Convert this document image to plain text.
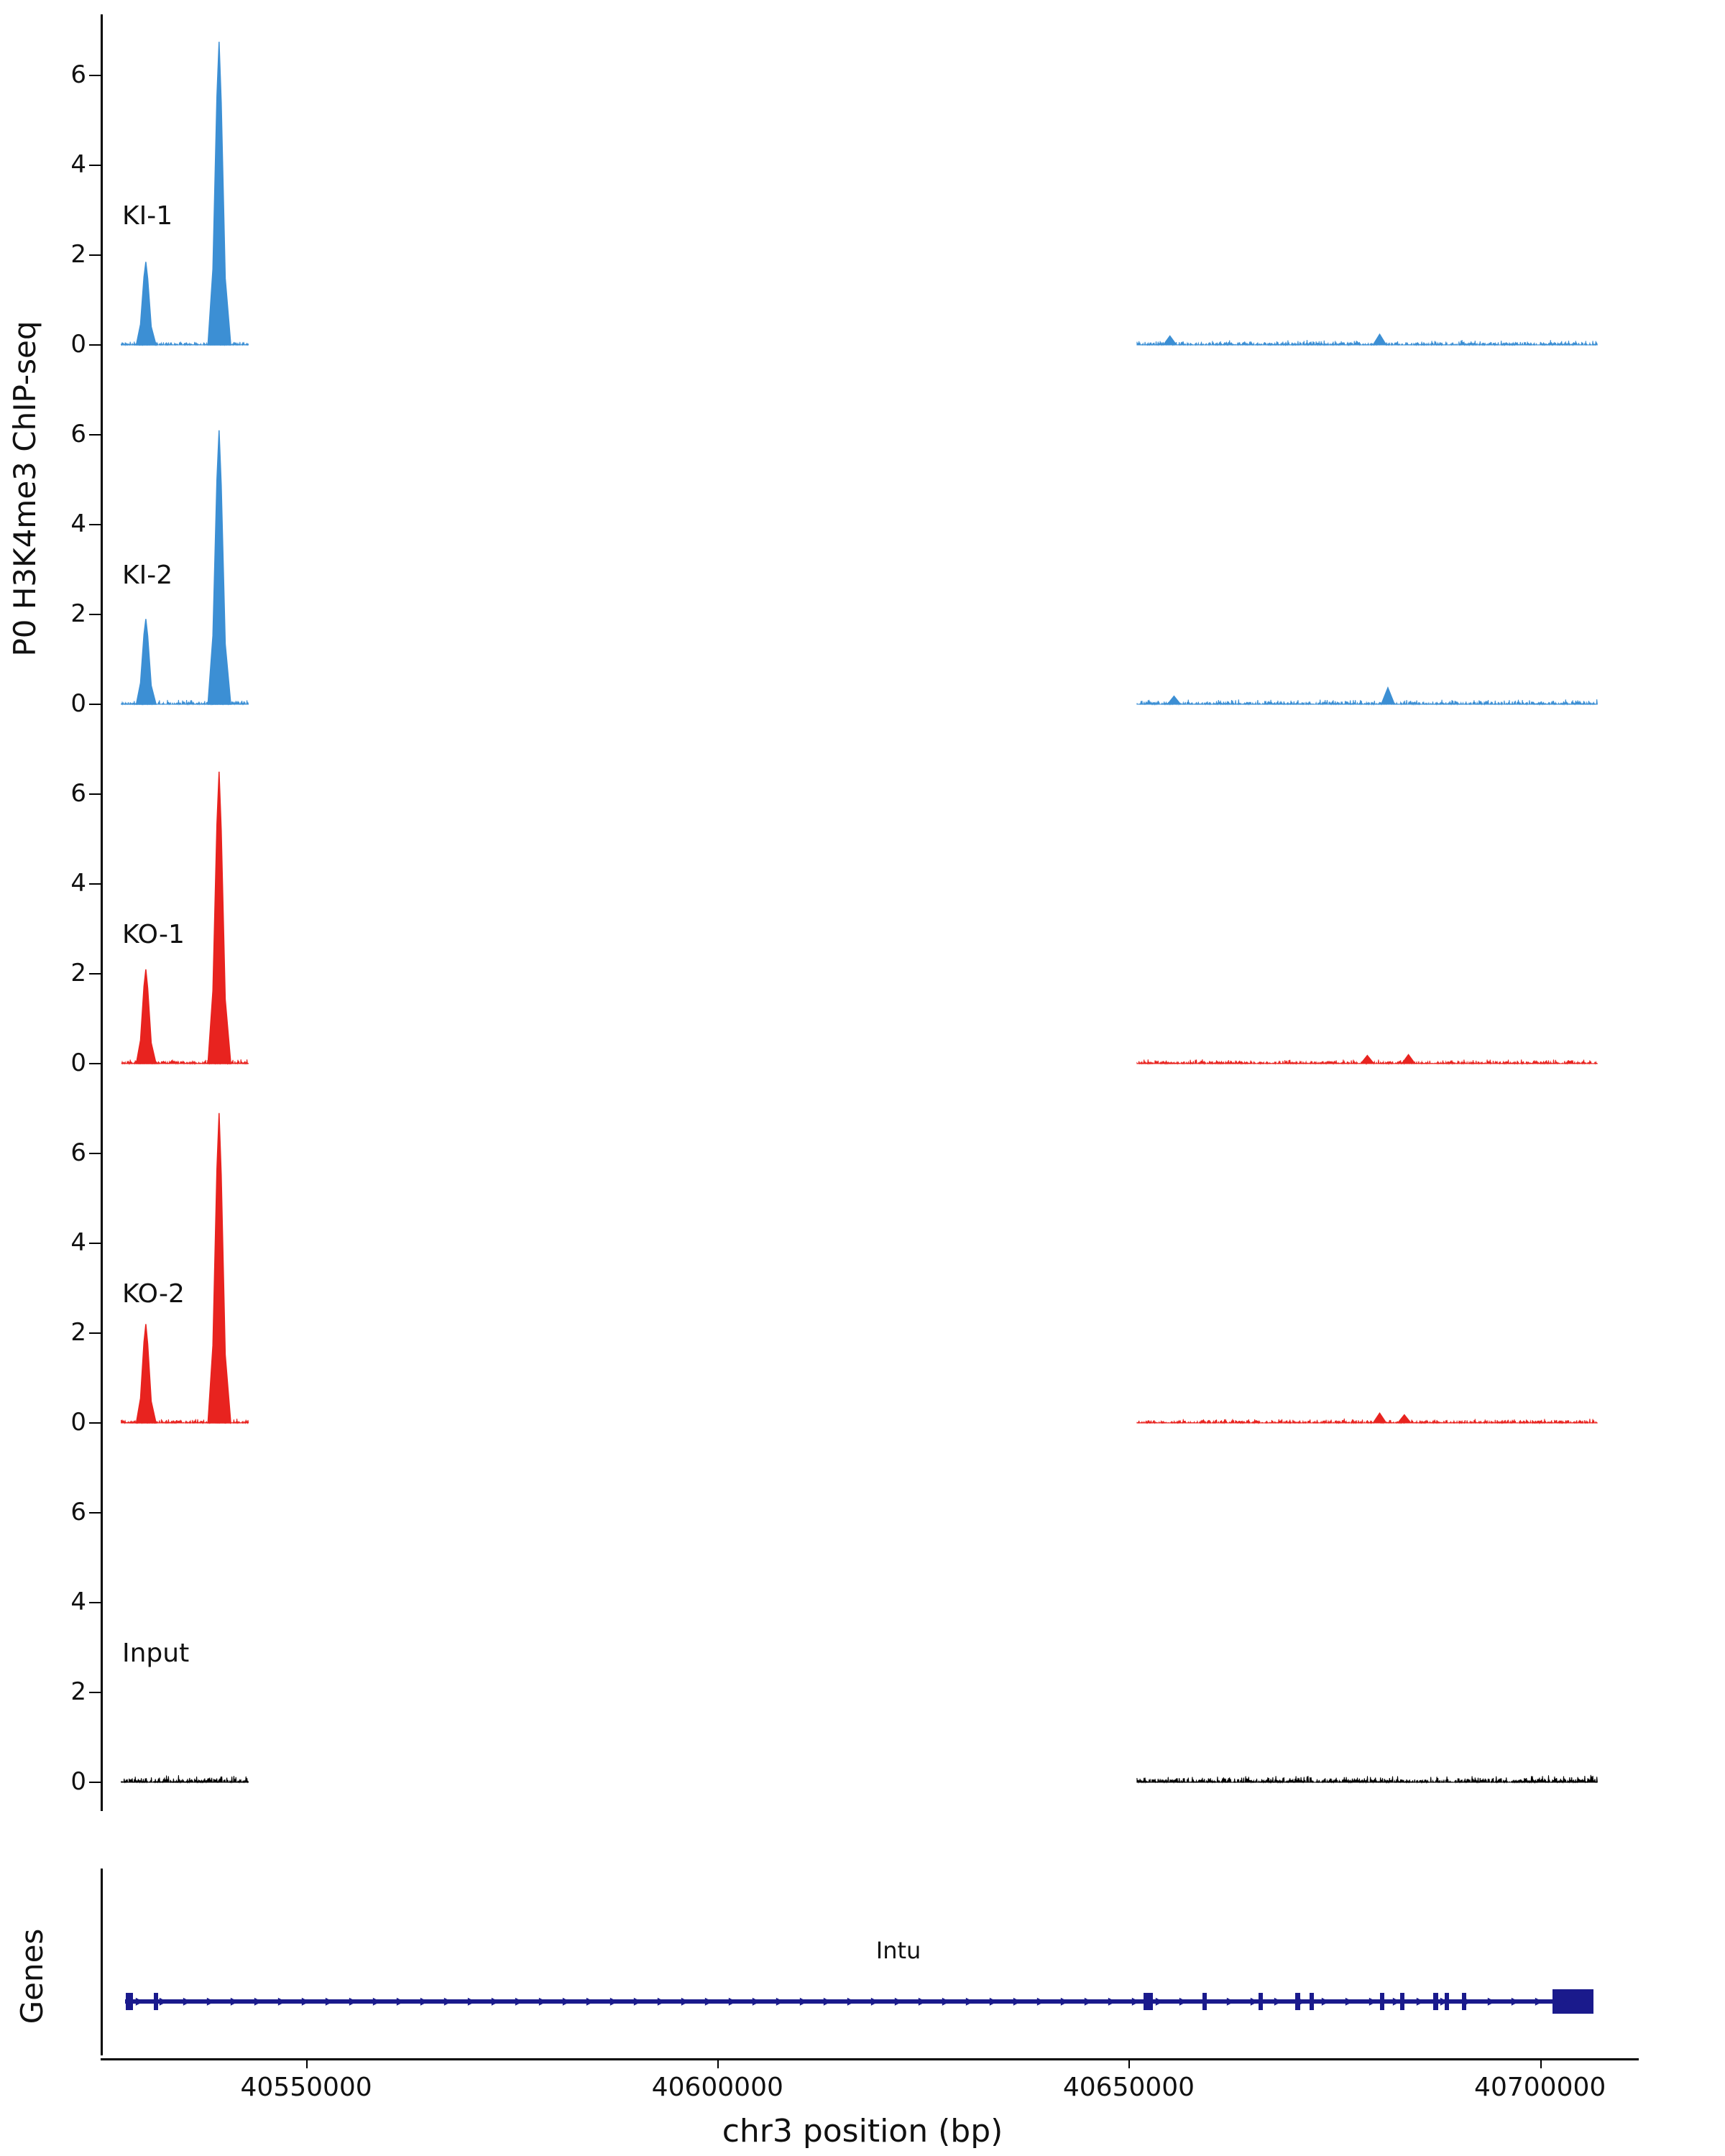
P0 H3K4me3 ChIP-seq
Genes
0
2
4
6
KI-1
0
2
4
6
KI-2
0
2
4
6
KO-1
0
2
4
6
KO-2
0
2
4
6
Input
Intu
▸ ▸ ▸ ▸ ▸ ▸ ▸ ▸ ▸ ▸ ▸ ▸ ▸ ▸ ▸ ▸ ▸ ▸ ▸ ▸ ▸ ▸ ▸ ▸ ▸ ▸ ▸ ▸ ▸ ▸ ▸ ▸ ▸ ▸ ▸ ▸ ▸ ▸ ▸ ▸ ▸ ▸ ▸ ▸ ▸ ▸ ▸ ▸ ▸ ▸ ▸ ▸ ▸ ▸ ▸ ▸ ▸ ▸ ▸ ▸ ▸
40550000	40600000	40650000	40700000
chr3 position (bp)
